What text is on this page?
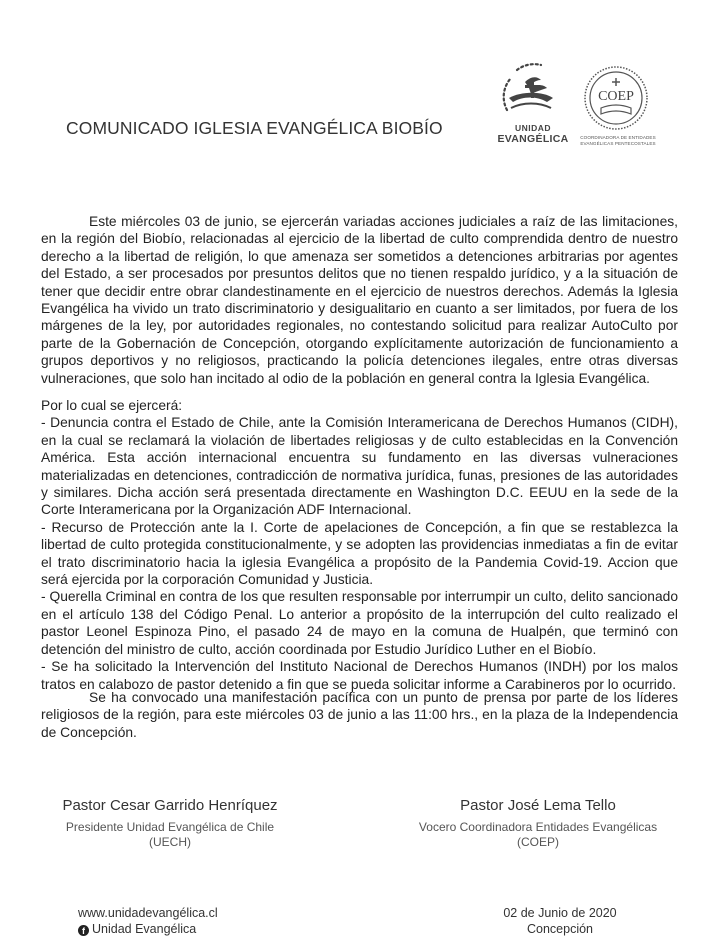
COMUNICADO IGLESIA EVANGÉLICA BIOBÍO	UNIDAD
EVANGÉLICA
COEP
COORDINADORA DE ENTIDADES
EVANGÉLICAS PENTECOSTALES
Este miércoles 03 de junio, se ejercerán variadas acciones judiciales a raíz de las limitaciones, en la región del Biobío, relacionadas al ejercicio de la libertad de culto comprendida dentro de nuestro derecho a la libertad de religión, lo que amenaza ser sometidos a detenciones arbitrarias por agentes del Estado, a ser procesados por presuntos delitos que no tienen respaldo jurídico, y a la situación de tener que decidir entre obrar clandestinamente en el ejercicio de nuestros derechos. Además la Iglesia Evangélica ha vivido un trato discriminatorio y desigualitario en cuanto a ser limitados, por fuera de los márgenes de la ley, por autoridades regionales, no contestando solicitud para realizar AutoCulto por parte de la Gobernación de Concepción, otorgando explícitamente autorización de funcionamiento a grupos deportivos y no religiosos, practicando la policía detenciones ilegales, entre otras diversas vulneraciones, que solo han incitado al odio de la población en general contra la Iglesia Evangélica.
Por lo cual se ejercerá:
- Denuncia contra el Estado de Chile, ante la Comisión Interamericana de Derechos Humanos (CIDH), en la cual se reclamará la violación de libertades religiosas y de culto establecidas en la Convención América. Esta acción internacional encuentra su fundamento en las diversas vulneraciones materializadas en detenciones, contradicción de normativa jurídica, funas, presiones de las autoridades y similares. Dicha acción será presentada directamente en Washington D.C. EEUU en la sede de la Corte Interamericana por la Organización ADF Internacional.
- Recurso de Protección ante la I. Corte de apelaciones de Concepción, a fin que se restablezca la libertad de culto protegida constitucionalmente, y se adopten las providencias inmediatas a fin de evitar el trato discriminatorio hacia la iglesia Evangélica a propósito de la Pandemia Covid-19. Accion que será ejercida por la corporación Comunidad y Justicia.
- Querella Criminal en contra de los que resulten responsable por interrumpir un culto, delito sancionado en el artículo 138 del Código Penal. Lo anterior a propósito de la interrupción del culto realizado el pastor Leonel Espinoza Pino, el pasado 24 de mayo en la comuna de Hualpén, que terminó con detención del ministro de culto, acción coordinada por Estudio Jurídico Luther en el Biobío.
- Se ha solicitado la Intervención del Instituto Nacional de Derechos Humanos (INDH) por los malos tratos en calabozo de pastor detenido a fin que se pueda solicitar informe a Carabineros por lo ocurrido.
Se ha convocado una manifestación pacífica con un punto de prensa por parte de los líderes religiosos de la región, para este miércoles 03 de junio a las 11:00 hrs., en la plaza de la Independencia de Concepción.
Pastor Cesar Garrido Henríquez
Presidente Unidad Evangélica de Chile
(UECH)
Pastor José Lema Tello
Vocero Coordinadora Entidades Evangélicas
(COEP)
www.unidadevangélica.cl
f Unidad Evangélica
02 de Junio de 2020
Concepción
